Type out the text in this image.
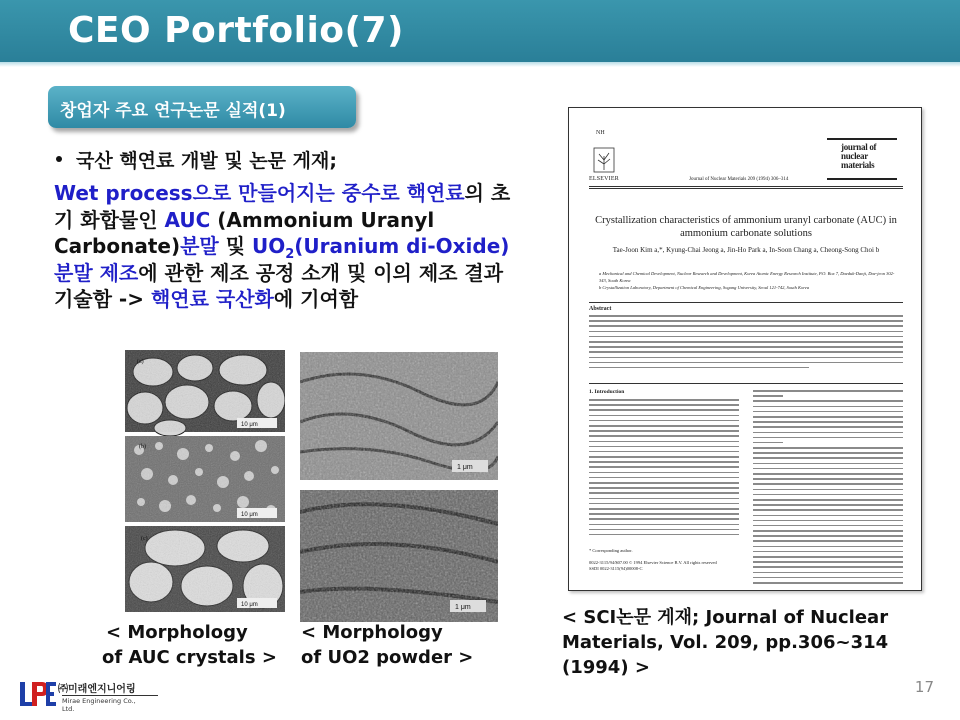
CEO Portfolio(7)
창업자 주요 연구논문 실적(1)
국산 핵연료 개발 및 논문 게재;
Wet process으로 만들어지는 중수로 핵연료의 초기 화합물인 AUC (Ammonium Uranyl Carbonate)분말 및 $UO_2(Uranium$ di-Oxide)분말 제조에 관한 제조 공정 소개 및 이의 제조 결과 기술함 -> 핵연료 국산화에 기여함
(a)
10 μm
(b)
10 μm
(c)
10 μm
1 μm
1 μm
< Morphology
of AUC crystals >
< Morphology
of UO2 powder >
< SCI논문 게재; Journal of Nuclear
Materials, Vol. 209, pp.306~314
(1994) >
ELSEVIER
NH
Journal of Nuclear Materials 209 (1994) 306–314
journal of
nuclear
materials
Crystallization characteristics of ammonium uranyl carbonate (AUC) in ammonium carbonate solutions
Tae-Joon Kim a,*, Kyung-Chai Jeong a, Jin-Ho Park a, In-Soon Chang a, Cheong-Song Choi b
a Mechanical and Chemical Development, Nuclear Research and Development, Korea Atomic Energy Research Institute, P.O. Box 7, Daeduk-Danji, Dae-jeon 302-343, South Korea
b Crystallization Laboratory, Department of Chemical Engineering, Sogang University, Seoul 121-742, South Korea
Abstract
1. Introduction
* Corresponding author.
0022-3115/94/$07.00 © 1994 Elsevier Science B.V. All rights reserved
SSDI 0022-3115(94)00008-C
㈜미래엔지니어링
Mirae Engineering Co., Ltd.
17
